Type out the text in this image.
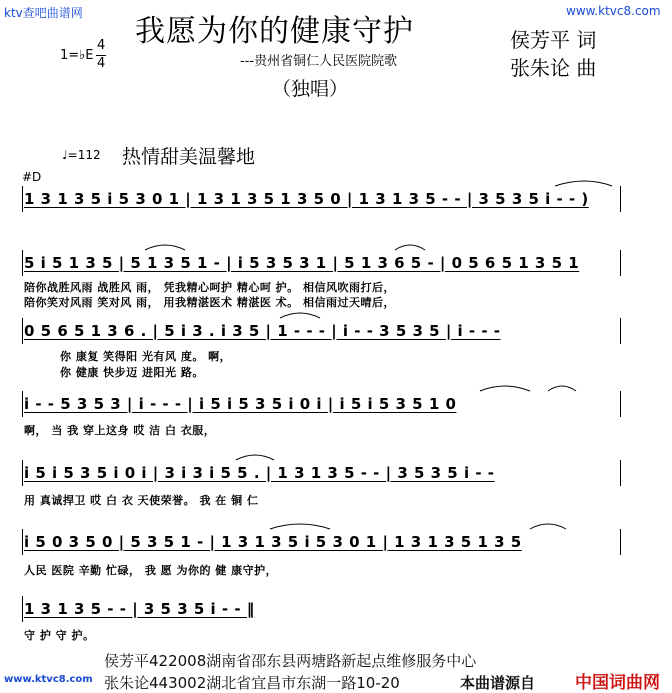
ktv查吧曲谱网	www.ktvc8.com
我愿为你的健康守护
---贵州省铜仁人民医院院歌
（独唱）
侯芳平 词
张朱论 曲
1=♭E
4
4
♩=112 热情甜美温馨地
#D
1 3 1 3 5 i 5 3 0 1 | 1 3 1 3 5 1 3 5 0 | 1 3 1 3 5 - - | 3 5 3 5 i - - )
5 i 5 1 3 5 | 5 1 3 5 1 - | i 5 3 5 3 1 | 5 1 3 6 5 - | 0 5 6 5 1 3 5 1
陪你战胜风雨 战胜风 雨， 凭我精心呵护 精心呵 护。 相信风吹雨打后，
陪你笑对风雨 笑对风 雨， 用我精湛医术 精湛医 术。 相信雨过天晴后，
0 5 6 5 1 3 6 . | 5 i 3 . i 3 5 | 1 - - - | i - - 3 5 3 5 | i - - -
你 康复 笑得阳 光有风 度。 啊，
你 健康 快步迈 进阳光 路。
i - - 5 3 5 3 | i - - - | i 5 i 5 3 5 i 0 i | i 5 i 5 3 5 1 0
啊， 当 我 穿上这身 哎 洁 白 衣服，
i 5 i 5 3 5 i 0 i | 3 i 3 i 5 5 . | 1 3 1 3 5 - - | 3 5 3 5 i - -
用 真诚捍卫 哎 白 衣 天使荣誉。 我 在 铜 仁
i 5 0 3 5 0 | 5 3 5 1 - | 1 3 1 3 5 i 5 3 0 1 | 1 3 1 3 5 1 3 5
人民 医院 辛勤 忙碌， 我 愿 为你的 健 康守护，
1 3 1 3 5 - - | 3 5 3 5 i - - ‖
守 护 守 护。
侯芳平422008湖南省邵东县两塘路新起点维修服务中心
张朱论443002湖北省宜昌市东湖一路10-20	本曲谱源自 中国词曲网
www.ktvc8.com
